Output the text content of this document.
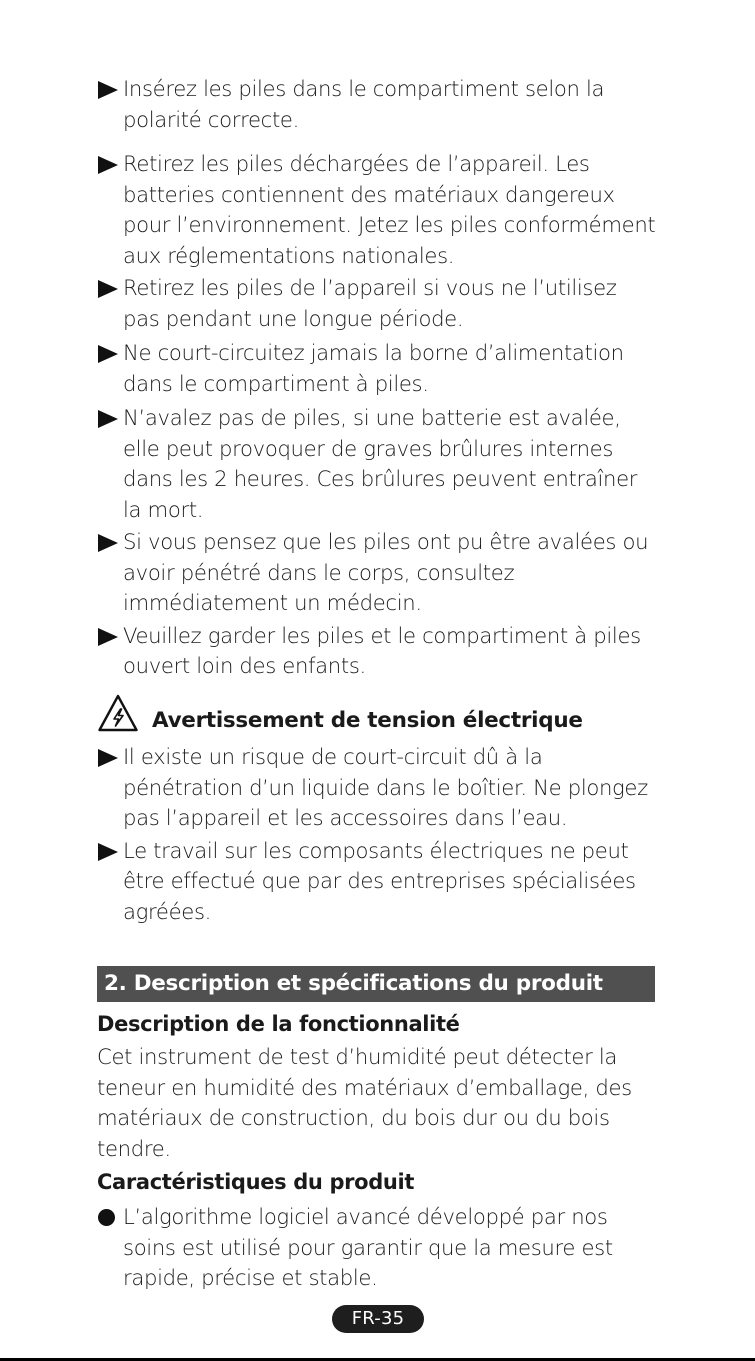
Insérez les piles dans le compartiment selon la polarité correcte.
Retirez les piles déchargées de l’appareil. Les batteries contiennent des matériaux dangereux pour l’environnement. Jetez les piles conformément aux réglementations nationales.
Retirez les piles de l’appareil si vous ne l’utilisez pas pendant une longue période.
Ne court-circuitez jamais la borne d’alimentation dans le compartiment à piles.
N’avalez pas de piles, si une batterie est avalée, elle peut provoquer de graves brûlures internes dans les 2 heures. Ces brûlures peuvent entraîner la mort.
Si vous pensez que les piles ont pu être avalées ou avoir pénétré dans le corps, consultez immédiatement un médecin.
Veuillez garder les piles et le compartiment à piles ouvert loin des enfants.
Avertissement de tension électrique
Il existe un risque de court-circuit dû à la pénétration d’un liquide dans le boîtier. Ne plongez pas l’appareil et les accessoires dans l’eau.
Le travail sur les composants électriques ne peut être effectué que par des entreprises spécialisées agréées.
2. Description et spécifications du produit
Description de la fonctionnalité
Cet instrument de test d’humidité peut détecter la teneur en humidité des matériaux d’emballage, des matériaux de construction, du bois dur ou du bois tendre.
Caractéristiques du produit
L’algorithme logiciel avancé développé par nos soins est utilisé pour garantir que la mesure est rapide, précise et stable.
FR-35
